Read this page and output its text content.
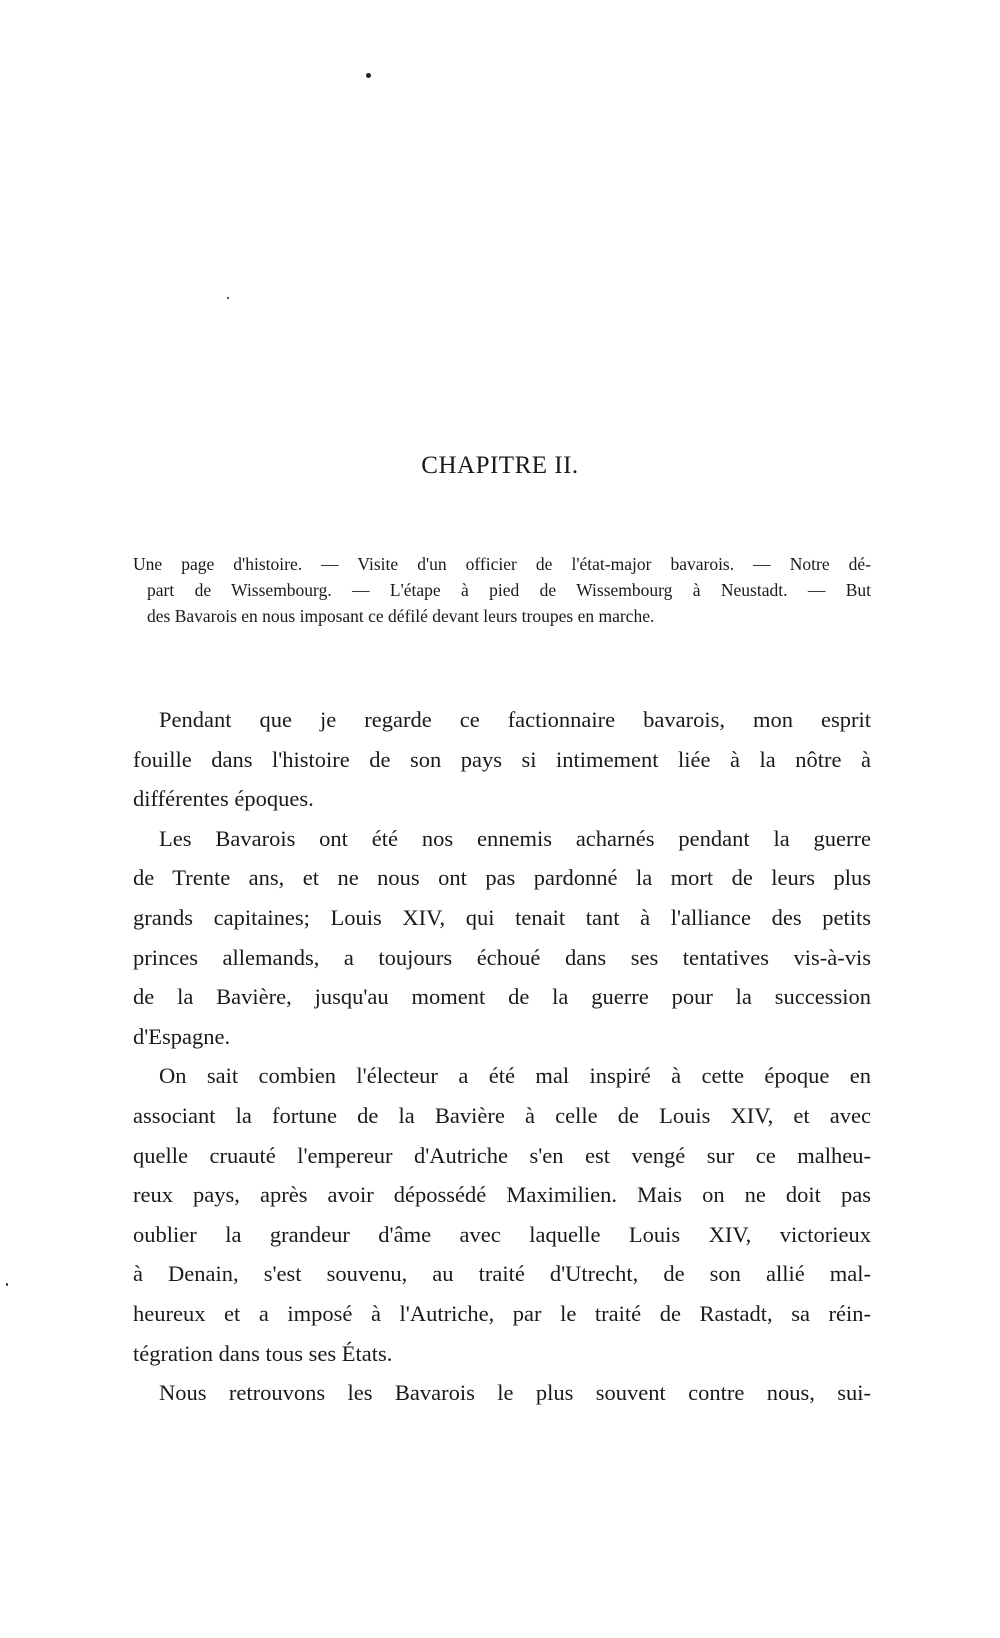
CHAPITRE II.
Une page d'histoire. — Visite d'un officier de l'état-major bavarois. — Notre dé-
part de Wissembourg. — L'étape à pied de Wissembourg à Neustadt. — But
des Bavarois en nous imposant ce défilé devant leurs troupes en marche.
Pendant que je regarde ce factionnaire bavarois, mon esprit
fouille dans l'histoire de son pays si intimement liée à la nôtre à
différentes époques.
Les Bavarois ont été nos ennemis acharnés pendant la guerre
de Trente ans, et ne nous ont pas pardonné la mort de leurs plus
grands capitaines; Louis XIV, qui tenait tant à l'alliance des petits
princes allemands, a toujours échoué dans ses tentatives vis-à-vis
de la Bavière, jusqu'au moment de la guerre pour la succession
d'Espagne.
On sait combien l'électeur a été mal inspiré à cette époque en
associant la fortune de la Bavière à celle de Louis XIV, et avec
quelle cruauté l'empereur d'Autriche s'en est vengé sur ce malheu-
reux pays, après avoir dépossédé Maximilien. Mais on ne doit pas
oublier la grandeur d'âme avec laquelle Louis XIV, victorieux
à Denain, s'est souvenu, au traité d'Utrecht, de son allié mal-
heureux et a imposé à l'Autriche, par le traité de Rastadt, sa réin-
tégration dans tous ses États.
Nous retrouvons les Bavarois le plus souvent contre nous, sui-
